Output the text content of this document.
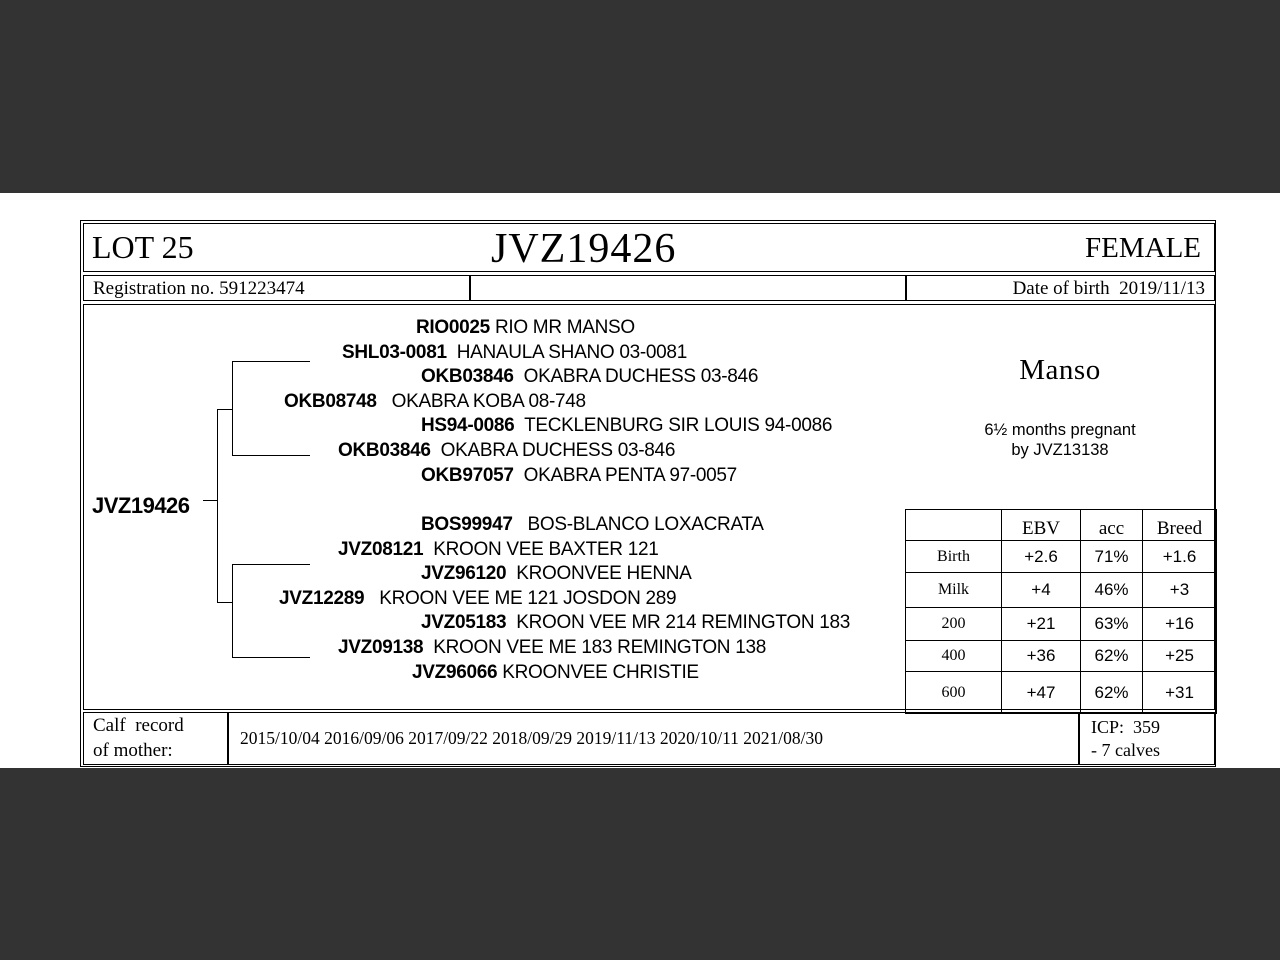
LOT 25	JVZ19426	FEMALE
Registration no. 591223474	Date of birth 2019/11/13
JVZ19426
RIO0025 RIO MR MANSO
SHL03-0081 HANAULA SHANO 03-0081
OKB03846 OKABRA DUCHESS 03-846
OKB08748 OKABRA KOBA 08-748
HS94-0086 TECKLENBURG SIR LOUIS 94-0086
OKB03846 OKABRA DUCHESS 03-846
OKB97057 OKABRA PENTA 97-0057
BOS99947 BOS-BLANCO LOXACRATA
JVZ08121 KROON VEE BAXTER 121
JVZ96120 KROONVEE HENNA
JVZ12289 KROON VEE ME 121 JOSDON 289
JVZ05183 KROON VEE MR 214 REMINGTON 183
JVZ09138 KROON VEE ME 183 REMINGTON 138
JVZ96066 KROONVEE CHRISTIE
Manso
6½ months pregnant
by JVZ13138
	EBV	acc	Breed
Birth	+2.6	71%	+1.6
Milk	+4	46%	+3
200	+21	63%	+16
400	+36	62%	+25
600	+47	62%	+31
Calf  record
of mother:
2015/10/04 2016/09/06 2017/09/22 2018/09/29 2019/11/13 2020/10/11 2021/08/30
ICP:  359
- 7 calves
